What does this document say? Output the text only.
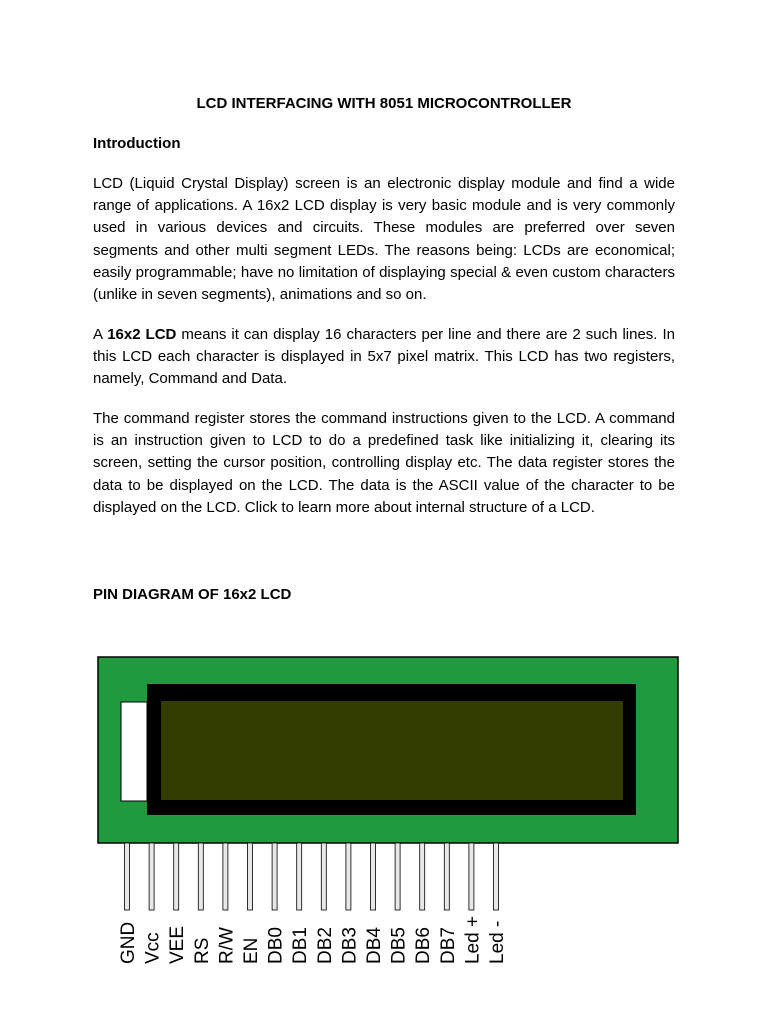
LCD INTERFACING WITH 8051 MICROCONTROLLER
Introduction
LCD (Liquid Crystal Display) screen is an electronic display module and find a wide range of applications. A 16x2 LCD display is very basic module and is very commonly used in various devices and circuits. These modules are preferred over seven segments and other multi segment LEDs. The reasons being: LCDs are economical; easily programmable; have no limitation of displaying special & even custom characters (unlike in seven segments), animations and so on.
A 16x2 LCD means it can display 16 characters per line and there are 2 such lines. In this LCD each character is displayed in 5x7 pixel matrix. This LCD has two registers, namely, Command and Data.
The command register stores the command instructions given to the LCD. A command is an instruction given to LCD to do a predefined task like initializing it, clearing its screen, setting the cursor position, controlling display etc. The data register stores the data to be displayed on the LCD. The data is the ASCII value of the character to be displayed on the LCD. Click to learn more about internal structure of a LCD.
PIN DIAGRAM OF 16x2 LCD
GND Vcc VEE RS R/W EN DB0 DB1 DB2 DB3 DB4 DB5 DB6 DB7 Led + Led -
